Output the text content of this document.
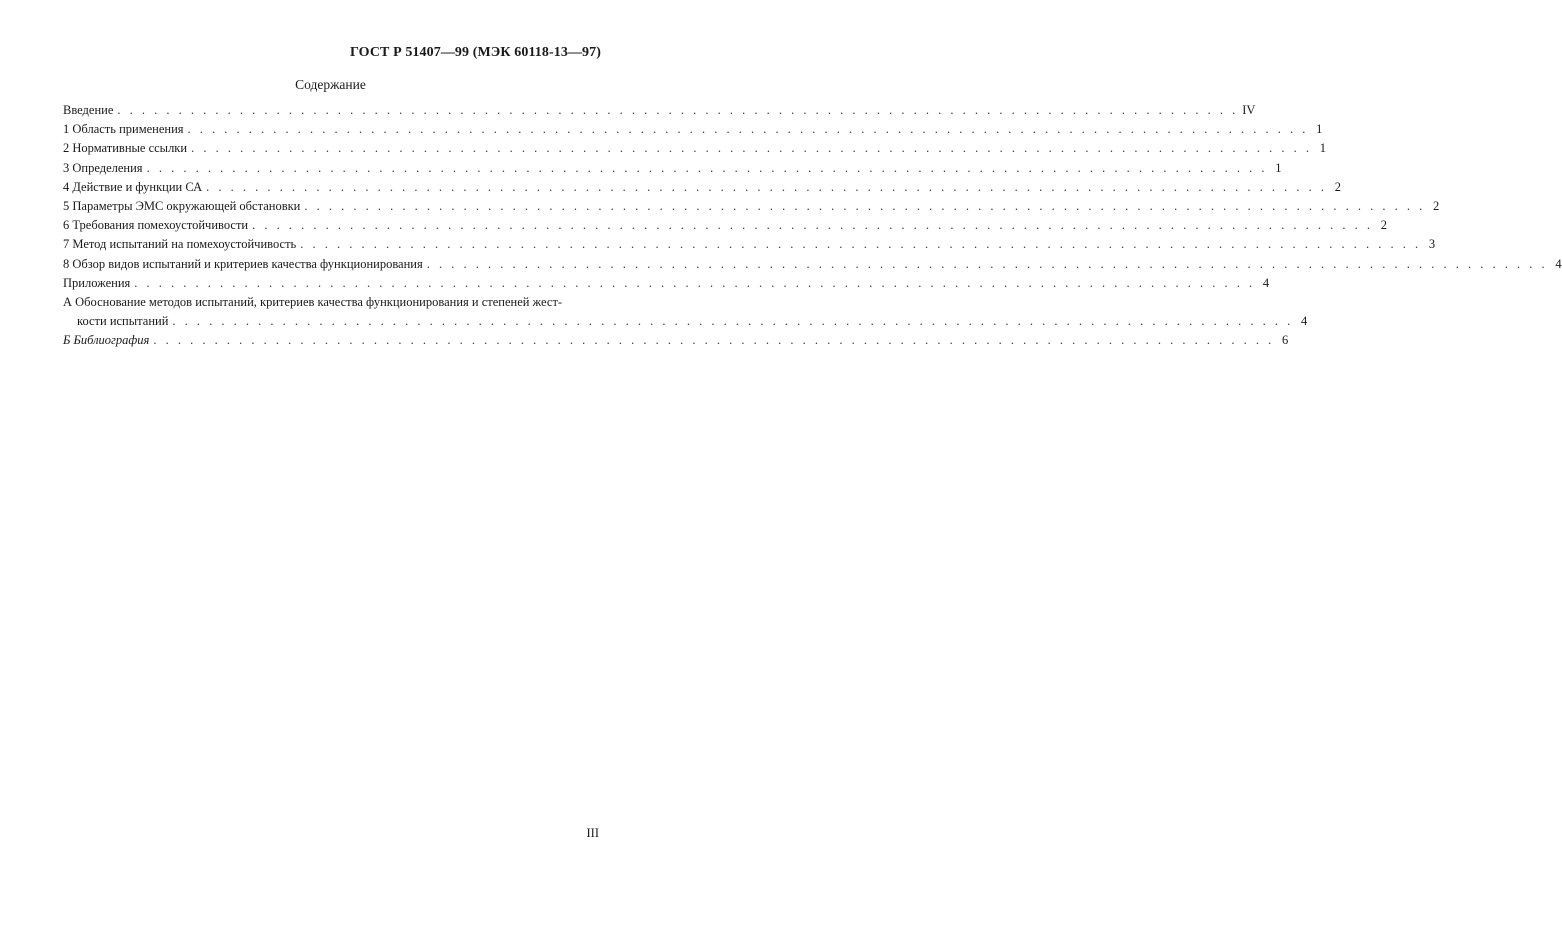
ГОСТ Р 51407—99 (МЭК 60118-13—97)
Содержание
Введение . . . . . . . . . . . . . . . . . . . . . . . . . . . . . . . . . . . . . . . . . . . . . . . . . . . . . . . . . . . . . . . . . . . . . . . . . . . . . . . . . . . . . . . . . . . . IV
1 Область применения . . . . . . . . . . . . . . . . . . . . . . . . . . . . . . . . . . . . . . . . . . . . . . . . . . . . . . . . . . . . . . . . . . . . . . . . . . . . . . . . . . . . . . . . . . . . 1
2 Нормативные ссылки . . . . . . . . . . . . . . . . . . . . . . . . . . . . . . . . . . . . . . . . . . . . . . . . . . . . . . . . . . . . . . . . . . . . . . . . . . . . . . . . . . . . . . . . . . . . 1
3 Определения . . . . . . . . . . . . . . . . . . . . . . . . . . . . . . . . . . . . . . . . . . . . . . . . . . . . . . . . . . . . . . . . . . . . . . . . . . . . . . . . . . . . . . . . . . . . 1
4 Действие и функции СА . . . . . . . . . . . . . . . . . . . . . . . . . . . . . . . . . . . . . . . . . . . . . . . . . . . . . . . . . . . . . . . . . . . . . . . . . . . . . . . . . . . . . . . . . . . . 2
5 Параметры ЭМС окружающей обстановки . . . . . . . . . . . . . . . . . . . . . . . . . . . . . . . . . . . . . . . . . . . . . . . . . . . . . . . . . . . . . . . . . . . . . . . . . . . . . . . . . . . . . . . . . . . . 2
6 Требования помехоустойчивости . . . . . . . . . . . . . . . . . . . . . . . . . . . . . . . . . . . . . . . . . . . . . . . . . . . . . . . . . . . . . . . . . . . . . . . . . . . . . . . . . . . . . . . . . . . . 2
7 Метод испытаний на помехоустойчивость . . . . . . . . . . . . . . . . . . . . . . . . . . . . . . . . . . . . . . . . . . . . . . . . . . . . . . . . . . . . . . . . . . . . . . . . . . . . . . . . . . . . . . . . . . . . 3
8 Обзор видов испытаний и критериев качества функционирования . . . . . . . . . . . . . . . . . . . . . . . . . . . . . . . . . . . . . . . . . . . . . . . . . . . . . . . . . . . . . . . . . . . . . . . . . . . . . . . . . . . . . . . . . . . . 4
Приложения . . . . . . . . . . . . . . . . . . . . . . . . . . . . . . . . . . . . . . . . . . . . . . . . . . . . . . . . . . . . . . . . . . . . . . . . . . . . . . . . . . . . . . . . . . . . 4
А Обоснование методов испытаний, критериев качества функционирования и степеней жест-
кости испытаний . . . . . . . . . . . . . . . . . . . . . . . . . . . . . . . . . . . . . . . . . . . . . . . . . . . . . . . . . . . . . . . . . . . . . . . . . . . . . . . . . . . . . . . . . . . . 4
Б Библиография . . . . . . . . . . . . . . . . . . . . . . . . . . . . . . . . . . . . . . . . . . . . . . . . . . . . . . . . . . . . . . . . . . . . . . . . . . . . . . . . . . . . . . . . . . . . 6
III
